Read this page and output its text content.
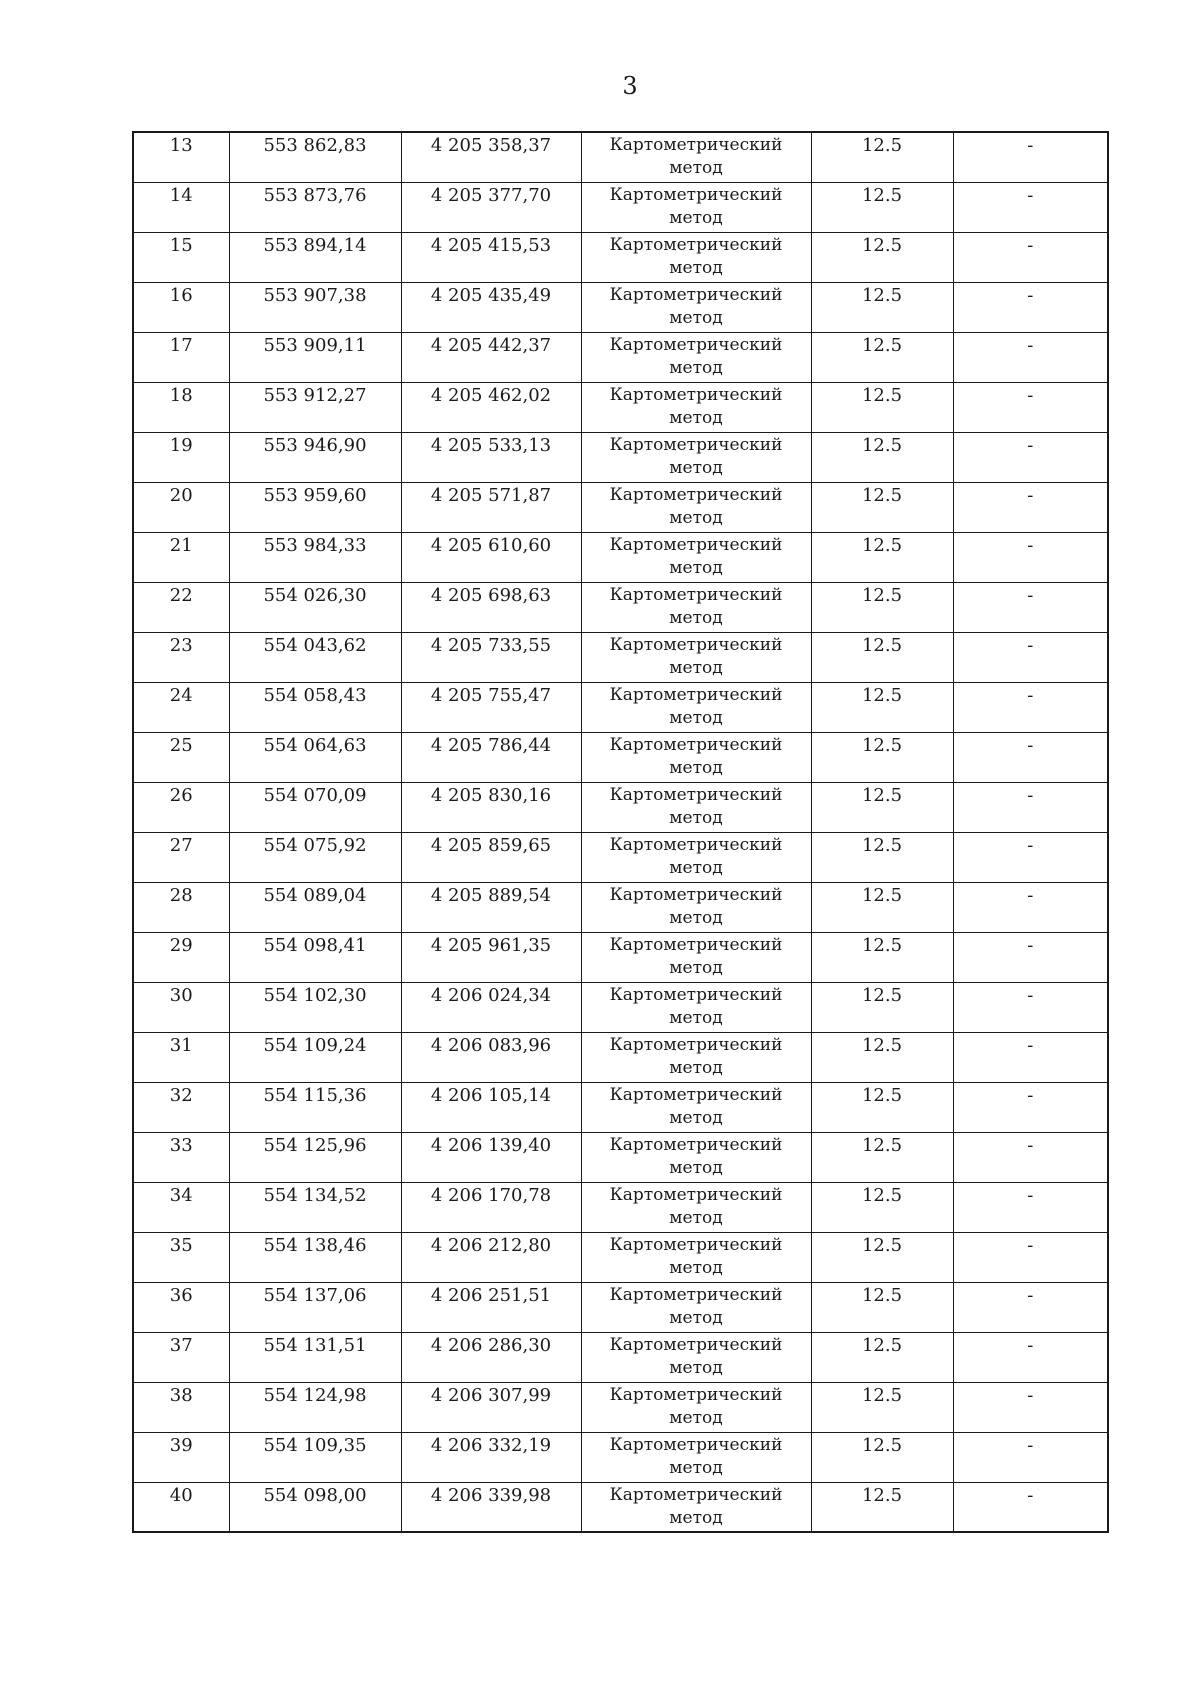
3
13	553 862,83	4 205 358,37	Картометрический метод	12.5	-
14	553 873,76	4 205 377,70	Картометрический метод	12.5	-
15	553 894,14	4 205 415,53	Картометрический метод	12.5	-
16	553 907,38	4 205 435,49	Картометрический метод	12.5	-
17	553 909,11	4 205 442,37	Картометрический метод	12.5	-
18	553 912,27	4 205 462,02	Картометрический метод	12.5	-
19	553 946,90	4 205 533,13	Картометрический метод	12.5	-
20	553 959,60	4 205 571,87	Картометрический метод	12.5	-
21	553 984,33	4 205 610,60	Картометрический метод	12.5	-
22	554 026,30	4 205 698,63	Картометрический метод	12.5	-
23	554 043,62	4 205 733,55	Картометрический метод	12.5	-
24	554 058,43	4 205 755,47	Картометрический метод	12.5	-
25	554 064,63	4 205 786,44	Картометрический метод	12.5	-
26	554 070,09	4 205 830,16	Картометрический метод	12.5	-
27	554 075,92	4 205 859,65	Картометрический метод	12.5	-
28	554 089,04	4 205 889,54	Картометрический метод	12.5	-
29	554 098,41	4 205 961,35	Картометрический метод	12.5	-
30	554 102,30	4 206 024,34	Картометрический метод	12.5	-
31	554 109,24	4 206 083,96	Картометрический метод	12.5	-
32	554 115,36	4 206 105,14	Картометрический метод	12.5	-
33	554 125,96	4 206 139,40	Картометрический метод	12.5	-
34	554 134,52	4 206 170,78	Картометрический метод	12.5	-
35	554 138,46	4 206 212,80	Картометрический метод	12.5	-
36	554 137,06	4 206 251,51	Картометрический метод	12.5	-
37	554 131,51	4 206 286,30	Картометрический метод	12.5	-
38	554 124,98	4 206 307,99	Картометрический метод	12.5	-
39	554 109,35	4 206 332,19	Картометрический метод	12.5	-
40	554 098,00	4 206 339,98	Картометрический метод	12.5	-
